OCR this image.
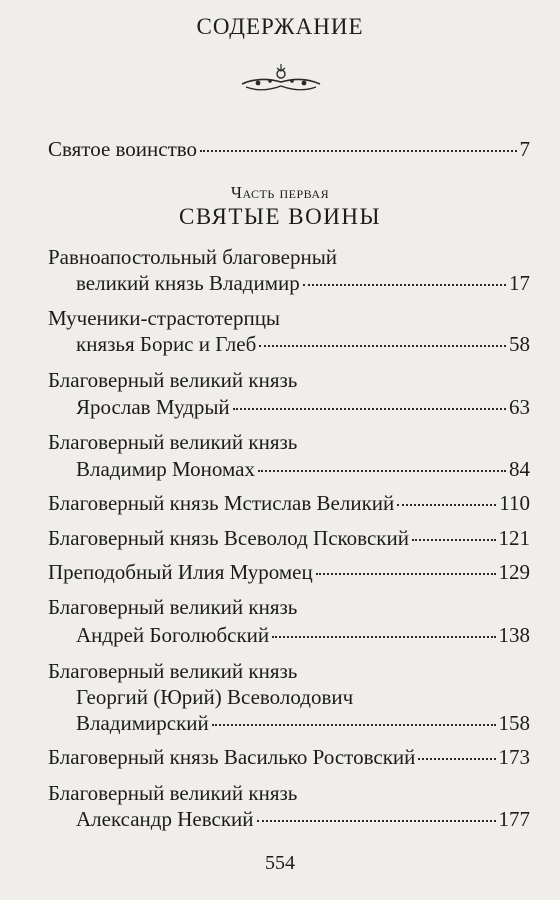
СОДЕРЖАНИЕ
Святое воинство	7
Часть первая
СВЯТЫЕ ВОИНЫ
Равноапостольный благоверный
великий князь Владимир	17
Мученики-страстотерпцы
князья Борис и Глеб	58
Благоверный великий князь
Ярослав Мудрый	63
Благоверный великий князь
Владимир Мономах	84
Благоверный князь Мстислав Великий	110
Благоверный князь Всеволод Псковский	121
Преподобный Илия Муромец	129
Благоверный великий князь
Андрей Боголюбский	138
Благоверный великий князь
Георгий (Юрий) Всеволодович
Владимирский	158
Благоверный князь Василько Ростовский	173
Благоверный великий князь
Александр Невский	177
554
